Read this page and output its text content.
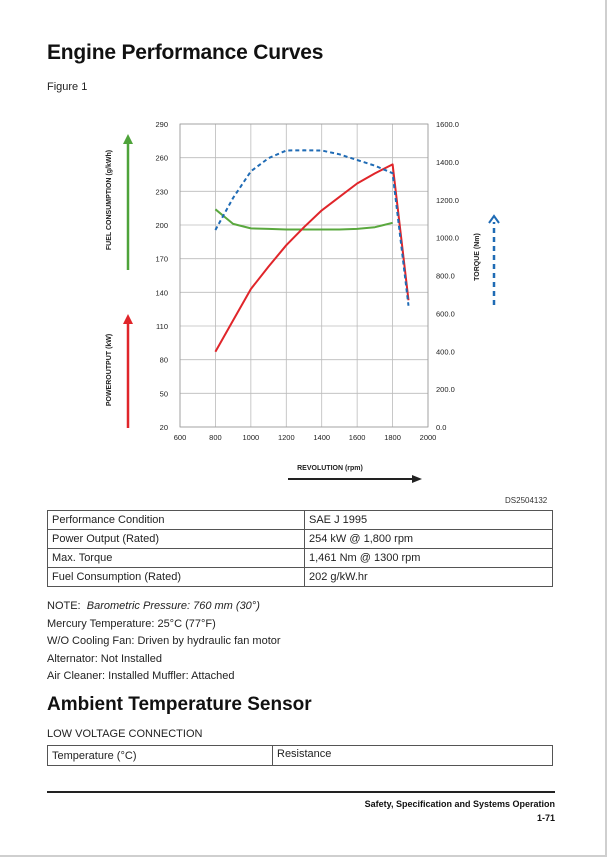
Engine Performance Curves
Figure 1
20
50
80
110
140
170
200
230
260
290
0.0
200.0
400.0
600.0
800.0
1000.0
1200.0
1400.0
1600.0
600	800	1000 1200 1400 1600 1800 2000
FUEL CONSUMPTION (g/kWh)
POWEROUTPUT (kW)
TORQUE (Nm)
REVOLUTION (rpm)
DS2504132
Performance Condition	SAE J 1995
Power Output (Rated)	254 kW @ 1,800 rpm
Max. Torque	1,461 Nm @ 1300 rpm
Fuel Consumption (Rated)	202 g/kW.hr
NOTE: Barometric Pressure: 760 mm (30°)
Mercury Temperature: 25°C (77°F)
W/O Cooling Fan: Driven by hydraulic fan motor
Alternator: Not Installed
Air Cleaner: Installed Muffler: Attached
Ambient Temperature Sensor
LOW VOLTAGE CONNECTION
Temperature (°C)	Resistance
Safety, Specification and Systems Operation
1-71
